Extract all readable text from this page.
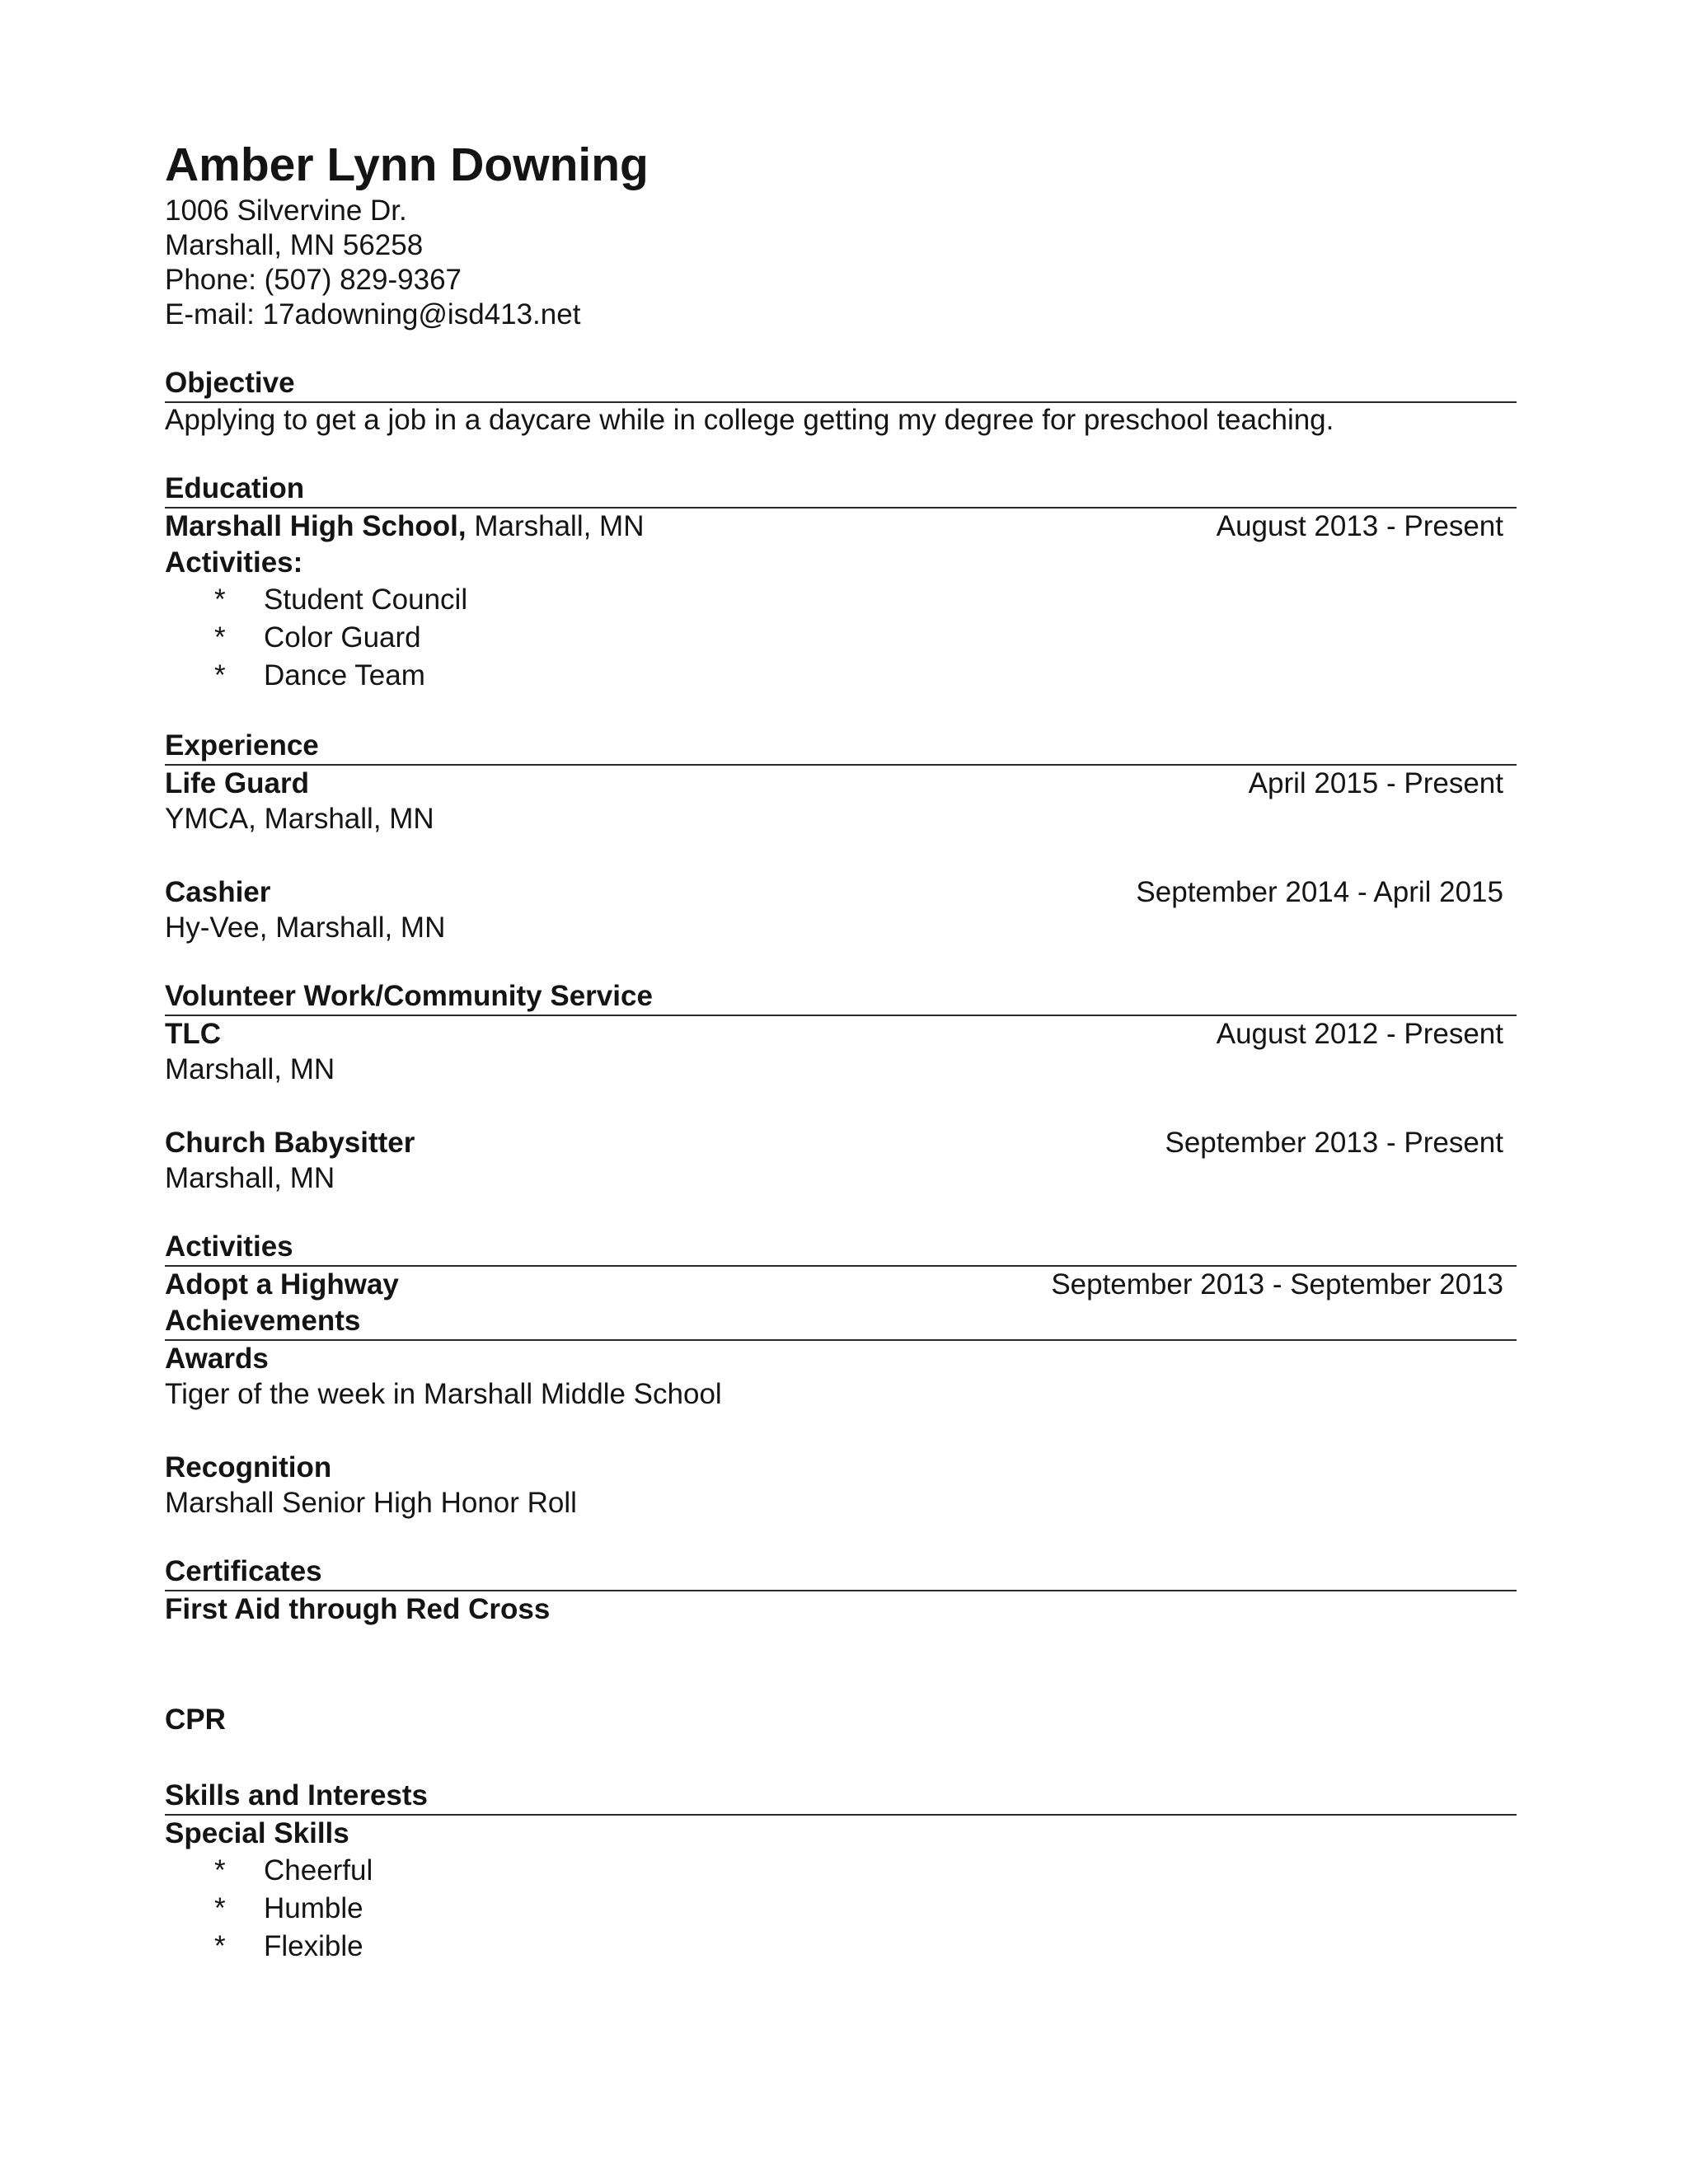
Amber Lynn Downing
1006 Silvervine Dr.
Marshall, MN 56258
Phone: (507) 829-9367
E-mail: 17adowning@isd413.net
Objective
Applying to get a job in a daycare while in college getting my degree for preschool teaching.
Education
Marshall High School, Marshall, MN	August 2013 - Present
Activities:
* Student Council
* Color Guard
* Dance Team
Experience
Life Guard	April 2015 - Present
YMCA, Marshall, MN
Cashier	September 2014 - April 2015
Hy-Vee, Marshall, MN
Volunteer Work/Community Service
TLC	August 2012 - Present
Marshall, MN
Church Babysitter	September 2013 - Present
Marshall, MN
Activities
Adopt a Highway	September 2013 - September 2013
Achievements
Awards
Tiger of the week in Marshall Middle School
Recognition
Marshall Senior High Honor Roll
Certificates
First Aid through Red Cross
CPR
Skills and Interests
Special Skills
* Cheerful
* Humble
* Flexible
